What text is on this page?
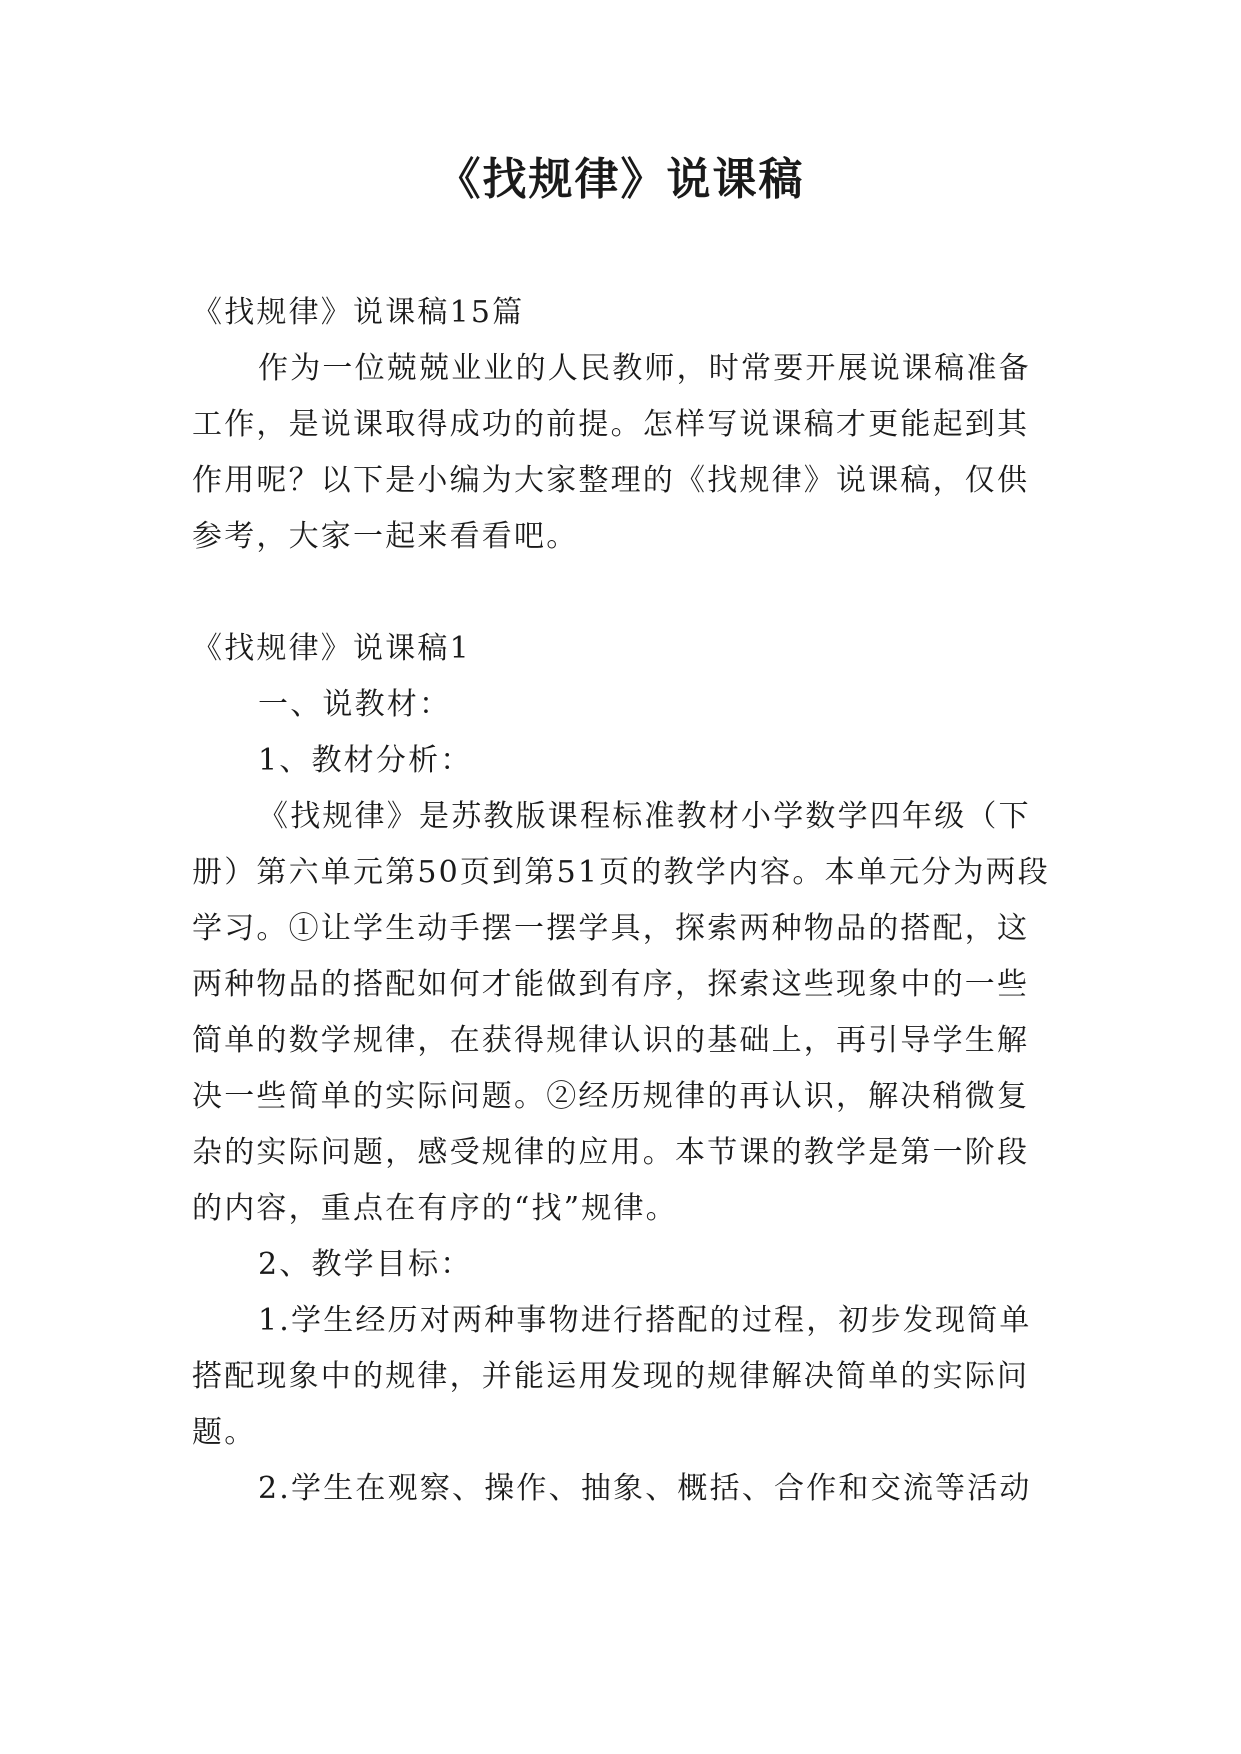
《找规律》说课稿

《找规律》说课稿15篇

作为一位兢兢业业的人民教师，时常要开展说课稿准备工作，是说课取得成功的前提。怎样写说课稿才更能起到其作用呢？以下是小编为大家整理的《找规律》说课稿，仅供参考，大家一起来看看吧。

《找规律》说课稿1

一、说教材：

1、教材分析：

《找规律》是苏教版课程标准教材小学数学四年级（下册）第六单元第50页到第51页的教学内容。本单元分为两段学习。①让学生动手摆一摆学具，探索两种物品的搭配，这两种物品的搭配如何才能做到有序，探索这些现象中的一些简单的数学规律，在获得规律认识的基础上，再引导学生解决一些简单的实际问题。②经历规律的再认识，解决稍微复杂的实际问题，感受规律的应用。本节课的教学是第一阶段的内容，重点在有序的“找”规律。

2、教学目标：

1.学生经历对两种事物进行搭配的过程，初步发现简单搭配现象中的规律，并能运用发现的规律解决简单的实际问题。

2.学生在观察、操作、抽象、概括、合作和交流等活动
